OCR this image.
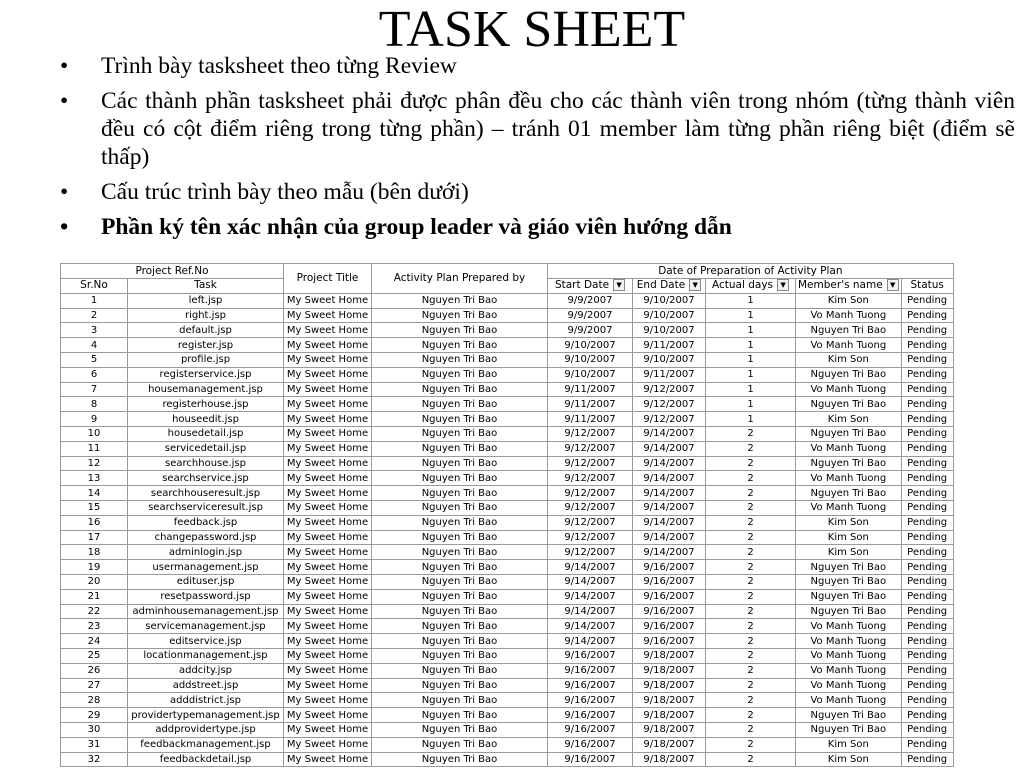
TASK SHEET
• Trình bày tasksheet theo từng Review
• Các thành phần tasksheet phải được phân đều cho các thành viên trong nhóm (từng thành viên đều có cột điểm riêng trong từng phần) – tránh 01 member làm từng phần riêng biệt (điểm sẽ thấp)
• Cấu trúc trình bày theo mẫu (bên dưới)
• Phần ký tên xác nhận của group leader và giáo viên hướng dẫn
Project Ref.No		Project Title	Activity Plan Prepared by	Date of Preparation of Activity Plan				
Sr.No	Task			Start Date ▼	End Date ▼	Actual days ▼	Member's name ▼	Status
1	left.jsp	My Sweet Home	Nguyen Tri Bao	9/9/2007	9/10/2007	1	Kim Son	Pending
2	right.jsp	My Sweet Home	Nguyen Tri Bao	9/9/2007	9/10/2007	1	Vo Manh Tuong	Pending
3	default.jsp	My Sweet Home	Nguyen Tri Bao	9/9/2007	9/10/2007	1	Nguyen Tri Bao	Pending
4	register.jsp	My Sweet Home	Nguyen Tri Bao	9/10/2007	9/11/2007	1	Vo Manh Tuong	Pending
5	profile.jsp	My Sweet Home	Nguyen Tri Bao	9/10/2007	9/10/2007	1	Kim Son	Pending
6	registerservice.jsp	My Sweet Home	Nguyen Tri Bao	9/10/2007	9/11/2007	1	Nguyen Tri Bao	Pending
7	housemanagement.jsp	My Sweet Home	Nguyen Tri Bao	9/11/2007	9/12/2007	1	Vo Manh Tuong	Pending
8	registerhouse.jsp	My Sweet Home	Nguyen Tri Bao	9/11/2007	9/12/2007	1	Nguyen Tri Bao	Pending
9	houseedit.jsp	My Sweet Home	Nguyen Tri Bao	9/11/2007	9/12/2007	1	Kim Son	Pending
10	housedetail.jsp	My Sweet Home	Nguyen Tri Bao	9/12/2007	9/14/2007	2	Nguyen Tri Bao	Pending
11	servicedetail.jsp	My Sweet Home	Nguyen Tri Bao	9/12/2007	9/14/2007	2	Vo Manh Tuong	Pending
12	searchhouse.jsp	My Sweet Home	Nguyen Tri Bao	9/12/2007	9/14/2007	2	Nguyen Tri Bao	Pending
13	searchservice.jsp	My Sweet Home	Nguyen Tri Bao	9/12/2007	9/14/2007	2	Vo Manh Tuong	Pending
14	searchhouseresult.jsp	My Sweet Home	Nguyen Tri Bao	9/12/2007	9/14/2007	2	Nguyen Tri Bao	Pending
15	searchserviceresult.jsp	My Sweet Home	Nguyen Tri Bao	9/12/2007	9/14/2007	2	Vo Manh Tuong	Pending
16	feedback.jsp	My Sweet Home	Nguyen Tri Bao	9/12/2007	9/14/2007	2	Kim Son	Pending
17	changepassword.jsp	My Sweet Home	Nguyen Tri Bao	9/12/2007	9/14/2007	2	Kim Son	Pending
18	adminlogin.jsp	My Sweet Home	Nguyen Tri Bao	9/12/2007	9/14/2007	2	Kim Son	Pending
19	usermanagement.jsp	My Sweet Home	Nguyen Tri Bao	9/14/2007	9/16/2007	2	Nguyen Tri Bao	Pending
20	edituser.jsp	My Sweet Home	Nguyen Tri Bao	9/14/2007	9/16/2007	2	Nguyen Tri Bao	Pending
21	resetpassword.jsp	My Sweet Home	Nguyen Tri Bao	9/14/2007	9/16/2007	2	Nguyen Tri Bao	Pending
22	adminhousemanagement.jsp	My Sweet Home	Nguyen Tri Bao	9/14/2007	9/16/2007	2	Nguyen Tri Bao	Pending
23	servicemanagement.jsp	My Sweet Home	Nguyen Tri Bao	9/14/2007	9/16/2007	2	Vo Manh Tuong	Pending
24	editservice.jsp	My Sweet Home	Nguyen Tri Bao	9/14/2007	9/16/2007	2	Vo Manh Tuong	Pending
25	locationmanagement.jsp	My Sweet Home	Nguyen Tri Bao	9/16/2007	9/18/2007	2	Vo Manh Tuong	Pending
26	addcity.jsp	My Sweet Home	Nguyen Tri Bao	9/16/2007	9/18/2007	2	Vo Manh Tuong	Pending
27	addstreet.jsp	My Sweet Home	Nguyen Tri Bao	9/16/2007	9/18/2007	2	Vo Manh Tuong	Pending
28	adddistrict.jsp	My Sweet Home	Nguyen Tri Bao	9/16/2007	9/18/2007	2	Vo Manh Tuong	Pending
29	providertypemanagement.jsp	My Sweet Home	Nguyen Tri Bao	9/16/2007	9/18/2007	2	Nguyen Tri Bao	Pending
30	addprovidertype.jsp	My Sweet Home	Nguyen Tri Bao	9/16/2007	9/18/2007	2	Nguyen Tri Bao	Pending
31	feedbackmanagement.jsp	My Sweet Home	Nguyen Tri Bao	9/16/2007	9/18/2007	2	Kim Son	Pending
32	feedbackdetail.jsp	My Sweet Home	Nguyen Tri Bao	9/16/2007	9/18/2007	2	Kim Son	Pending
